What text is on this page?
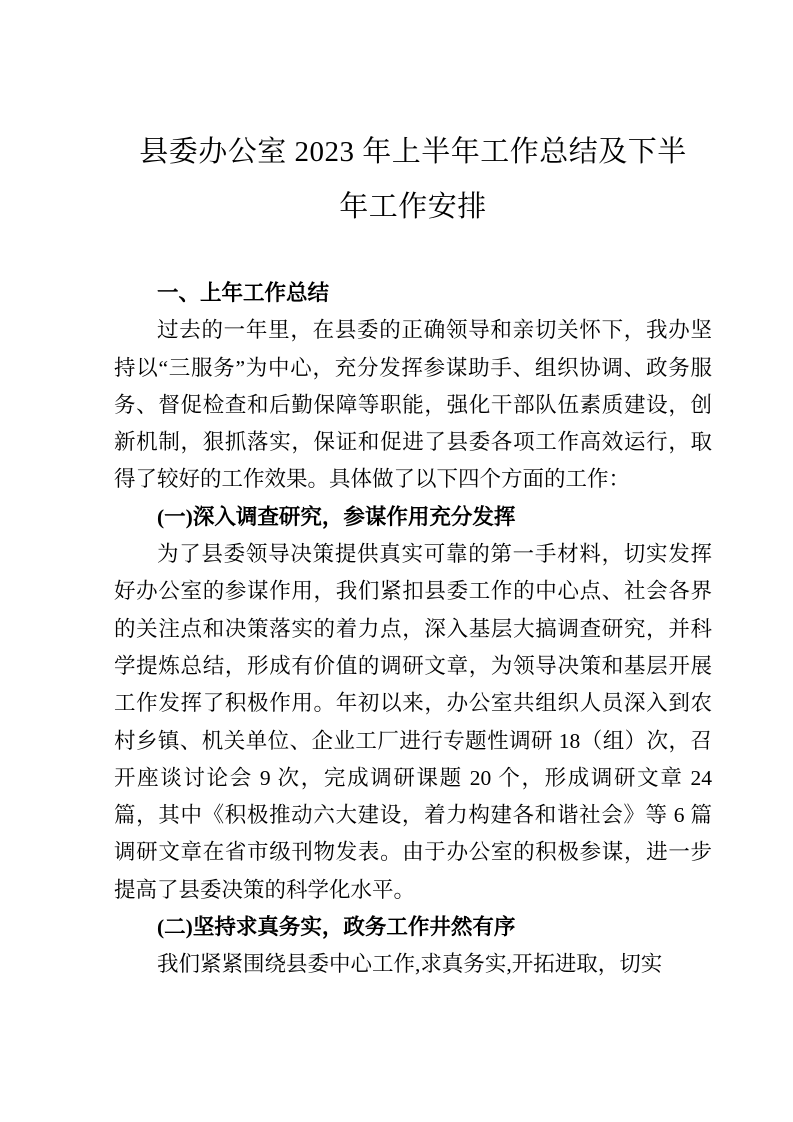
县委办公室 2023 年上半年工作总结及下半
年工作安排
一、上年工作总结

过去的一年里，在县委的正确领导和亲切关怀下，我办坚持以“三服务”为中心，充分发挥参谋助手、组织协调、政务服务、督促检查和后勤保障等职能，强化干部队伍素质建设，创新机制，狠抓落实，保证和促进了县委各项工作高效运行，取得了较好的工作效果。具体做了以下四个方面的工作：

(一)深入调查研究，参谋作用充分发挥

为了县委领导决策提供真实可靠的第一手材料，切实发挥好办公室的参谋作用，我们紧扣县委工作的中心点、社会各界的关注点和决策落实的着力点，深入基层大搞调查研究，并科学提炼总结，形成有价值的调研文章，为领导决策和基层开展工作发挥了积极作用。年初以来，办公室共组织人员深入到农村乡镇、机关单位、企业工厂进行专题性调研 18（组）次，召开座谈讨论会 9 次，完成调研课题 20 个，形成调研文章 24 篇，其中《积极推动六大建设，着力构建各和谐社会》等 6 篇调研文章在省市级刊物发表。由于办公室的积极参谋，进一步提高了县委决策的科学化水平。

(二)坚持求真务实，政务工作井然有序

我们紧紧围绕县委中心工作,求真务实,开拓进取，切实
